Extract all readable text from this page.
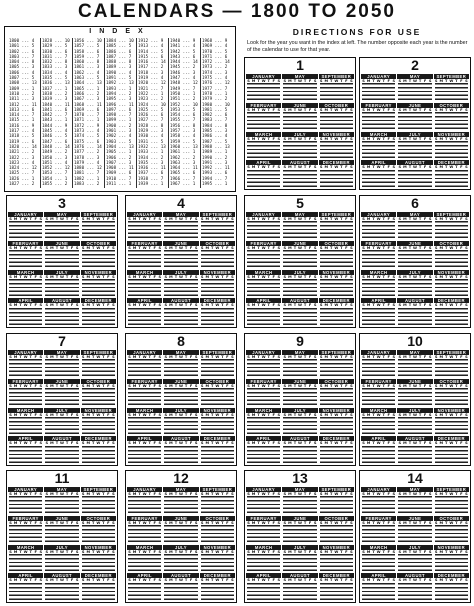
CALENDARS — 1800 TO 2050
INDEX
1800 ... 4
1801 ... 5
1802 ... 6
1803 ... 7
1804 ... 8
1805 ... 3
1806 ... 4
1807 ... 5
1808 ... 13
1809 ... 1
1810 ... 2
1811 ... 3
1812 ... 11
1813 ... 6
1814 ... 7
1815 ... 1
1816 ... 9
1817 ... 4
1818 ... 5
1819 ... 6
1820 ... 14
1821 ... 2
1822 ... 3
1823 ... 4
1824 ... 12
1825 ... 7
1826 ... 1
1827 ... 2
1828 ... 10
1829 ... 5
1830 ... 6
1831 ... 7
1832 ... 8
1833 ... 3
1834 ... 4
1835 ... 5
1836 ... 13
1837 ... 1
1838 ... 2
1839 ... 3
1840 ... 11
1841 ... 6
1842 ... 7
1843 ... 1
1844 ... 9
1845 ... 4
1846 ... 5
1847 ... 6
1848 ... 14
1849 ... 2
1850 ... 3
1851 ... 4
1852 ... 12
1853 ... 7
1854 ... 1
1855 ... 2
1856 ... 10
1857 ... 5
1858 ... 6
1859 ... 7
1860 ... 8
1861 ... 3
1862 ... 4
1863 ... 5
1864 ... 13
1865 ... 1
1866 ... 2
1867 ... 3
1868 ... 11
1869 ... 6
1870 ... 7
1871 ... 1
1872 ... 9
1873 ... 4
1874 ... 5
1875 ... 6
1876 ... 14
1877 ... 2
1878 ... 3
1879 ... 4
1880 ... 12
1881 ... 7
1882 ... 1
1883 ... 2
1884 ... 10
1885 ... 5
1886 ... 6
1887 ... 7
1888 ... 8
1889 ... 3
1890 ... 4
1891 ... 5
1892 ... 13
1893 ... 1
1894 ... 2
1895 ... 3
1896 ... 11
1897 ... 6
1898 ... 7
1899 ... 1
1900 ... 2
1901 ... 3
1902 ... 4
1903 ... 5
1904 ... 13
1905 ... 1
1906 ... 2
1907 ... 3
1908 ... 11
1909 ... 6
1910 ... 7
1911 ... 1
1912 ... 9
1913 ... 4
1914 ... 5
1915 ... 6
1916 ... 14
1917 ... 2
1918 ... 3
1919 ... 4
1920 ... 12
1921 ... 7
1922 ... 1
1923 ... 2
1924 ... 10
1925 ... 5
1926 ... 6
1927 ... 7
1928 ... 8
1929 ... 3
1930 ... 4
1931 ... 5
1932 ... 13
1933 ... 1
1934 ... 2
1935 ... 3
1936 ... 11
1937 ... 6
1938 ... 7
1939 ... 1
1940 ... 9
1941 ... 4
1942 ... 5
1943 ... 6
1944 ... 14
1945 ... 2
1946 ... 3
1947 ... 4
1948 ... 12
1949 ... 7
1950 ... 1
1951 ... 2
1952 ... 10
1953 ... 5
1954 ... 6
1955 ... 7
1956 ... 8
1957 ... 3
1958 ... 4
1959 ... 5
1960 ... 13
1961 ... 1
1962 ... 2
1963 ... 3
1964 ... 11
1965 ... 6
1966 ... 7
1967 ... 1
1968 ... 9
1969 ... 4
1970 ... 5
1971 ... 6
1972 ... 14
1973 ... 2
1974 ... 3
1975 ... 4
1976 ... 12
1977 ... 7
1978 ... 1
1979 ... 2
1980 ... 10
1981 ... 5
1982 ... 6
1983 ... 7
1984 ... 8
1985 ... 3
1986 ... 4
1987 ... 5
1988 ... 13
1989 ... 1
1990 ... 2
1991 ... 3
1992 ... 11
1993 ... 6
1994 ... 7
1995 ... 1
DIRECTIONS FOR USE
Look for the year you want in the index at left. The number opposite each year is the number of the calendar to use for that year.
1
JANUARY
S M T W T F S
MAY
S M T W T F S
SEPTEMBER
S M T W T F S
FEBRUARY
S M T W T F S
JUNE
S M T W T F S
OCTOBER
S M T W T F S
MARCH
S M T W T F S
JULY
S M T W T F S
NOVEMBER
S M T W T F S
APRIL
S M T W T F S
AUGUST
S M T W T F S
DECEMBER
S M T W T F S
2
JANUARY
S M T W T F S
MAY
S M T W T F S
SEPTEMBER
S M T W T F S
FEBRUARY
S M T W T F S
JUNE
S M T W T F S
OCTOBER
S M T W T F S
MARCH
S M T W T F S
JULY
S M T W T F S
NOVEMBER
S M T W T F S
APRIL
S M T W T F S
AUGUST
S M T W T F S
DECEMBER
S M T W T F S
3
JANUARY
S M T W T F S
MAY
S M T W T F S
SEPTEMBER
S M T W T F S
FEBRUARY
S M T W T F S
JUNE
S M T W T F S
OCTOBER
S M T W T F S
MARCH
S M T W T F S
JULY
S M T W T F S
NOVEMBER
S M T W T F S
APRIL
S M T W T F S
AUGUST
S M T W T F S
DECEMBER
S M T W T F S
4
JANUARY
S M T W T F S
MAY
S M T W T F S
SEPTEMBER
S M T W T F S
FEBRUARY
S M T W T F S
JUNE
S M T W T F S
OCTOBER
S M T W T F S
MARCH
S M T W T F S
JULY
S M T W T F S
NOVEMBER
S M T W T F S
APRIL
S M T W T F S
AUGUST
S M T W T F S
DECEMBER
S M T W T F S
5
JANUARY
S M T W T F S
MAY
S M T W T F S
SEPTEMBER
S M T W T F S
FEBRUARY
S M T W T F S
JUNE
S M T W T F S
OCTOBER
S M T W T F S
MARCH
S M T W T F S
JULY
S M T W T F S
NOVEMBER
S M T W T F S
APRIL
S M T W T F S
AUGUST
S M T W T F S
DECEMBER
S M T W T F S
6
JANUARY
S M T W T F S
MAY
S M T W T F S
SEPTEMBER
S M T W T F S
FEBRUARY
S M T W T F S
JUNE
S M T W T F S
OCTOBER
S M T W T F S
MARCH
S M T W T F S
JULY
S M T W T F S
NOVEMBER
S M T W T F S
APRIL
S M T W T F S
AUGUST
S M T W T F S
DECEMBER
S M T W T F S
7
JANUARY
S M T W T F S
MAY
S M T W T F S
SEPTEMBER
S M T W T F S
FEBRUARY
S M T W T F S
JUNE
S M T W T F S
OCTOBER
S M T W T F S
MARCH
S M T W T F S
JULY
S M T W T F S
NOVEMBER
S M T W T F S
APRIL
S M T W T F S
AUGUST
S M T W T F S
DECEMBER
S M T W T F S
8
JANUARY
S M T W T F S
MAY
S M T W T F S
SEPTEMBER
S M T W T F S
FEBRUARY
S M T W T F S
JUNE
S M T W T F S
OCTOBER
S M T W T F S
MARCH
S M T W T F S
JULY
S M T W T F S
NOVEMBER
S M T W T F S
APRIL
S M T W T F S
AUGUST
S M T W T F S
DECEMBER
S M T W T F S
9
JANUARY
S M T W T F S
MAY
S M T W T F S
SEPTEMBER
S M T W T F S
FEBRUARY
S M T W T F S
JUNE
S M T W T F S
OCTOBER
S M T W T F S
MARCH
S M T W T F S
JULY
S M T W T F S
NOVEMBER
S M T W T F S
APRIL
S M T W T F S
AUGUST
S M T W T F S
DECEMBER
S M T W T F S
10
JANUARY
S M T W T F S
MAY
S M T W T F S
SEPTEMBER
S M T W T F S
FEBRUARY
S M T W T F S
JUNE
S M T W T F S
OCTOBER
S M T W T F S
MARCH
S M T W T F S
JULY
S M T W T F S
NOVEMBER
S M T W T F S
APRIL
S M T W T F S
AUGUST
S M T W T F S
DECEMBER
S M T W T F S
11
JANUARY
S M T W T F S
MAY
S M T W T F S
SEPTEMBER
S M T W T F S
FEBRUARY
S M T W T F S
JUNE
S M T W T F S
OCTOBER
S M T W T F S
MARCH
S M T W T F S
JULY
S M T W T F S
NOVEMBER
S M T W T F S
APRIL
S M T W T F S
AUGUST
S M T W T F S
DECEMBER
S M T W T F S
12
JANUARY
S M T W T F S
MAY
S M T W T F S
SEPTEMBER
S M T W T F S
FEBRUARY
S M T W T F S
JUNE
S M T W T F S
OCTOBER
S M T W T F S
MARCH
S M T W T F S
JULY
S M T W T F S
NOVEMBER
S M T W T F S
APRIL
S M T W T F S
AUGUST
S M T W T F S
DECEMBER
S M T W T F S
13
JANUARY
S M T W T F S
MAY
S M T W T F S
SEPTEMBER
S M T W T F S
FEBRUARY
S M T W T F S
JUNE
S M T W T F S
OCTOBER
S M T W T F S
MARCH
S M T W T F S
JULY
S M T W T F S
NOVEMBER
S M T W T F S
APRIL
S M T W T F S
AUGUST
S M T W T F S
DECEMBER
S M T W T F S
14
JANUARY
S M T W T F S
MAY
S M T W T F S
SEPTEMBER
S M T W T F S
FEBRUARY
S M T W T F S
JUNE
S M T W T F S
OCTOBER
S M T W T F S
MARCH
S M T W T F S
JULY
S M T W T F S
NOVEMBER
S M T W T F S
APRIL
S M T W T F S
AUGUST
S M T W T F S
DECEMBER
S M T W T F S
